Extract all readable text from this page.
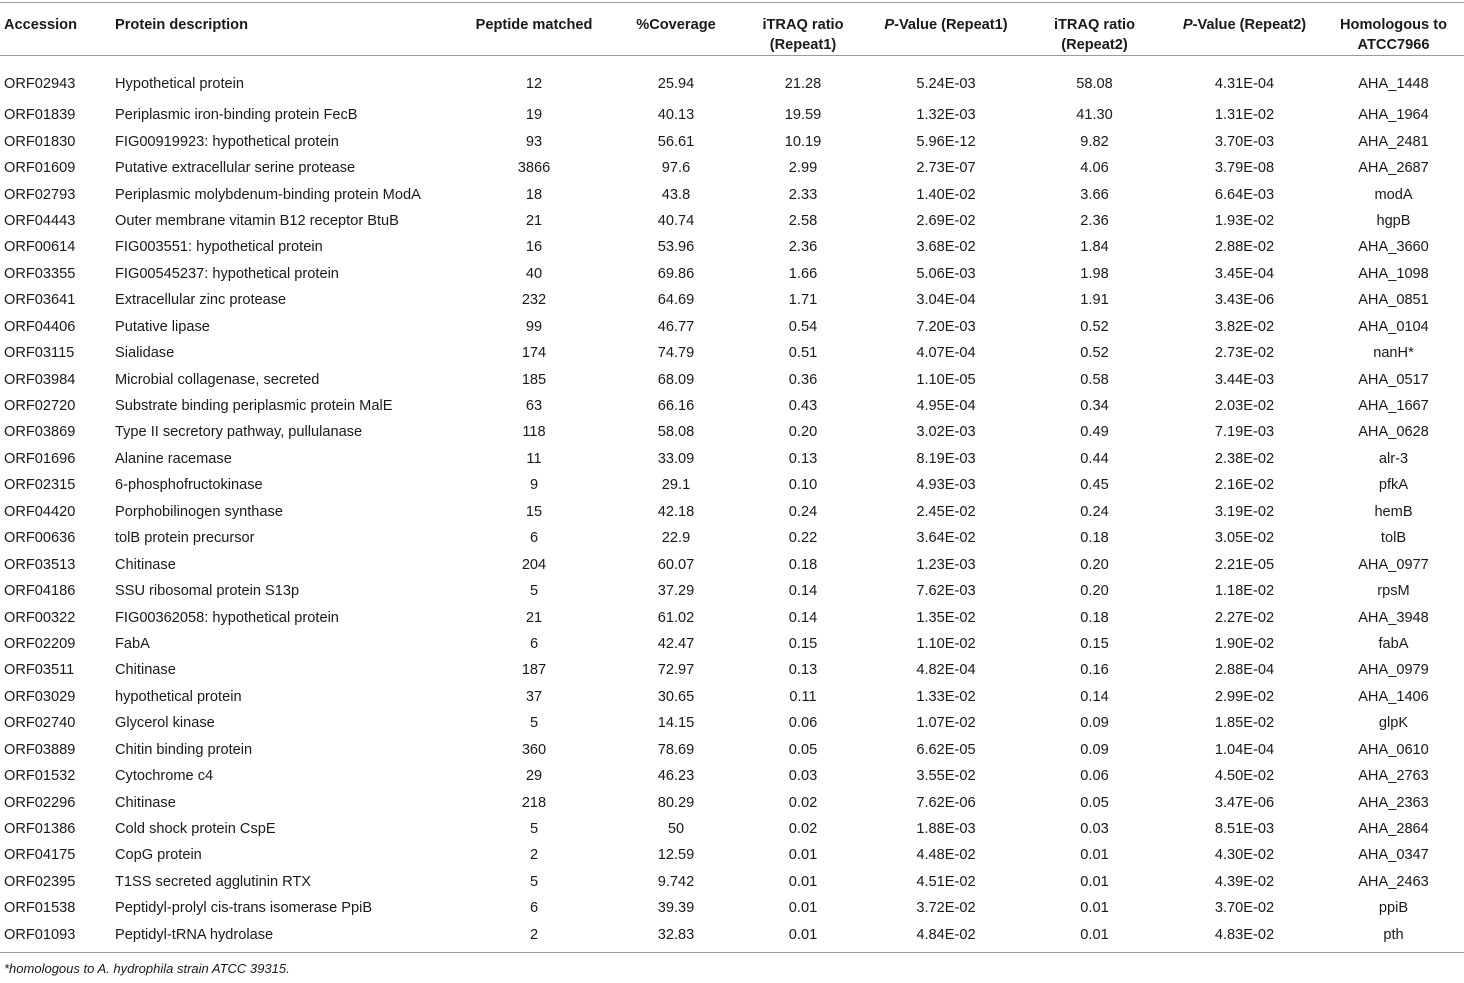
Accession	Protein description	Peptide matched	%Coverage	iTRAQ ratio (Repeat1)	P-Value (Repeat1)	iTRAQ ratio (Repeat2)	P-Value (Repeat2)	Homologous to ATCC7966
ORF02943	Hypothetical protein	12	25.94	21.28	5.24E-03	58.08	4.31E-04	AHA_1448
ORF01839	Periplasmic iron-binding protein FecB	19	40.13	19.59	1.32E-03	41.30	1.31E-02	AHA_1964
ORF01830	FIG00919923: hypothetical protein	93	56.61	10.19	5.96E-12	9.82	3.70E-03	AHA_2481
ORF01609	Putative extracellular serine protease	3866	97.6	2.99	2.73E-07	4.06	3.79E-08	AHA_2687
ORF02793	Periplasmic molybdenum-binding protein ModA	18	43.8	2.33	1.40E-02	3.66	6.64E-03	modA
ORF04443	Outer membrane vitamin B12 receptor BtuB	21	40.74	2.58	2.69E-02	2.36	1.93E-02	hgpB
ORF00614	FIG003551: hypothetical protein	16	53.96	2.36	3.68E-02	1.84	2.88E-02	AHA_3660
ORF03355	FIG00545237: hypothetical protein	40	69.86	1.66	5.06E-03	1.98	3.45E-04	AHA_1098
ORF03641	Extracellular zinc protease	232	64.69	1.71	3.04E-04	1.91	3.43E-06	AHA_0851
ORF04406	Putative lipase	99	46.77	0.54	7.20E-03	0.52	3.82E-02	AHA_0104
ORF03115	Sialidase	174	74.79	0.51	4.07E-04	0.52	2.73E-02	nanH*
ORF03984	Microbial collagenase, secreted	185	68.09	0.36	1.10E-05	0.58	3.44E-03	AHA_0517
ORF02720	Substrate binding periplasmic protein MalE	63	66.16	0.43	4.95E-04	0.34	2.03E-02	AHA_1667
ORF03869	Type II secretory pathway, pullulanase	118	58.08	0.20	3.02E-03	0.49	7.19E-03	AHA_0628
ORF01696	Alanine racemase	11	33.09	0.13	8.19E-03	0.44	2.38E-02	alr-3
ORF02315	6-phosphofructokinase	9	29.1	0.10	4.93E-03	0.45	2.16E-02	pfkA
ORF04420	Porphobilinogen synthase	15	42.18	0.24	2.45E-02	0.24	3.19E-02	hemB
ORF00636	tolB protein precursor	6	22.9	0.22	3.64E-02	0.18	3.05E-02	tolB
ORF03513	Chitinase	204	60.07	0.18	1.23E-03	0.20	2.21E-05	AHA_0977
ORF04186	SSU ribosomal protein S13p	5	37.29	0.14	7.62E-03	0.20	1.18E-02	rpsM
ORF00322	FIG00362058: hypothetical protein	21	61.02	0.14	1.35E-02	0.18	2.27E-02	AHA_3948
ORF02209	FabA	6	42.47	0.15	1.10E-02	0.15	1.90E-02	fabA
ORF03511	Chitinase	187	72.97	0.13	4.82E-04	0.16	2.88E-04	AHA_0979
ORF03029	hypothetical protein	37	30.65	0.11	1.33E-02	0.14	2.99E-02	AHA_1406
ORF02740	Glycerol kinase	5	14.15	0.06	1.07E-02	0.09	1.85E-02	glpK
ORF03889	Chitin binding protein	360	78.69	0.05	6.62E-05	0.09	1.04E-04	AHA_0610
ORF01532	Cytochrome c4	29	46.23	0.03	3.55E-02	0.06	4.50E-02	AHA_2763
ORF02296	Chitinase	218	80.29	0.02	7.62E-06	0.05	3.47E-06	AHA_2363
ORF01386	Cold shock protein CspE	5	50	0.02	1.88E-03	0.03	8.51E-03	AHA_2864
ORF04175	CopG protein	2	12.59	0.01	4.48E-02	0.01	4.30E-02	AHA_0347
ORF02395	T1SS secreted agglutinin RTX	5	9.742	0.01	4.51E-02	0.01	4.39E-02	AHA_2463
ORF01538	Peptidyl-prolyl cis-trans isomerase PpiB	6	39.39	0.01	3.72E-02	0.01	3.70E-02	ppiB
ORF01093	Peptidyl-tRNA hydrolase	2	32.83	0.01	4.84E-02	0.01	4.83E-02	pth
*homologous to A. hydrophila strain ATCC 39315.
